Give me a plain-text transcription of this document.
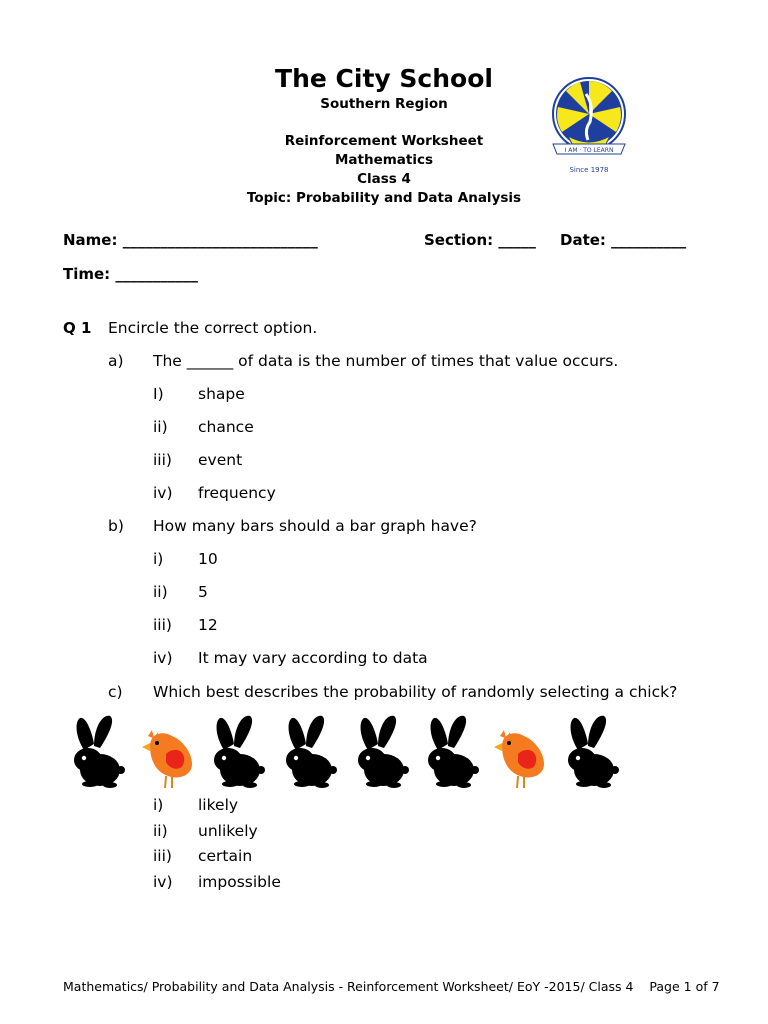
The City School
Southern Region
Reinforcement Worksheet
Mathematics
Class 4
Topic: Probability and Data Analysis
I AM · TO LEARN
Since 1978
Name: __________________________	Section: _____ Date: __________
Time: ___________
Q 1 Encircle the correct option.
a) The ______ of data is the number of times that value occurs.
I) shape
ii) chance
iii) event
iv) frequency
b) How many bars should a bar graph have?
i) 10
ii) 5
iii) 12
iv) It may vary according to data
c) Which best describes the probability of randomly selecting a chick?
i) likely
ii) unlikely
iii) certain
iv) impossible
Mathematics/ Probability and Data Analysis - Reinforcement Worksheet/ EoY -2015/ Class 4 Page 1 of 7
